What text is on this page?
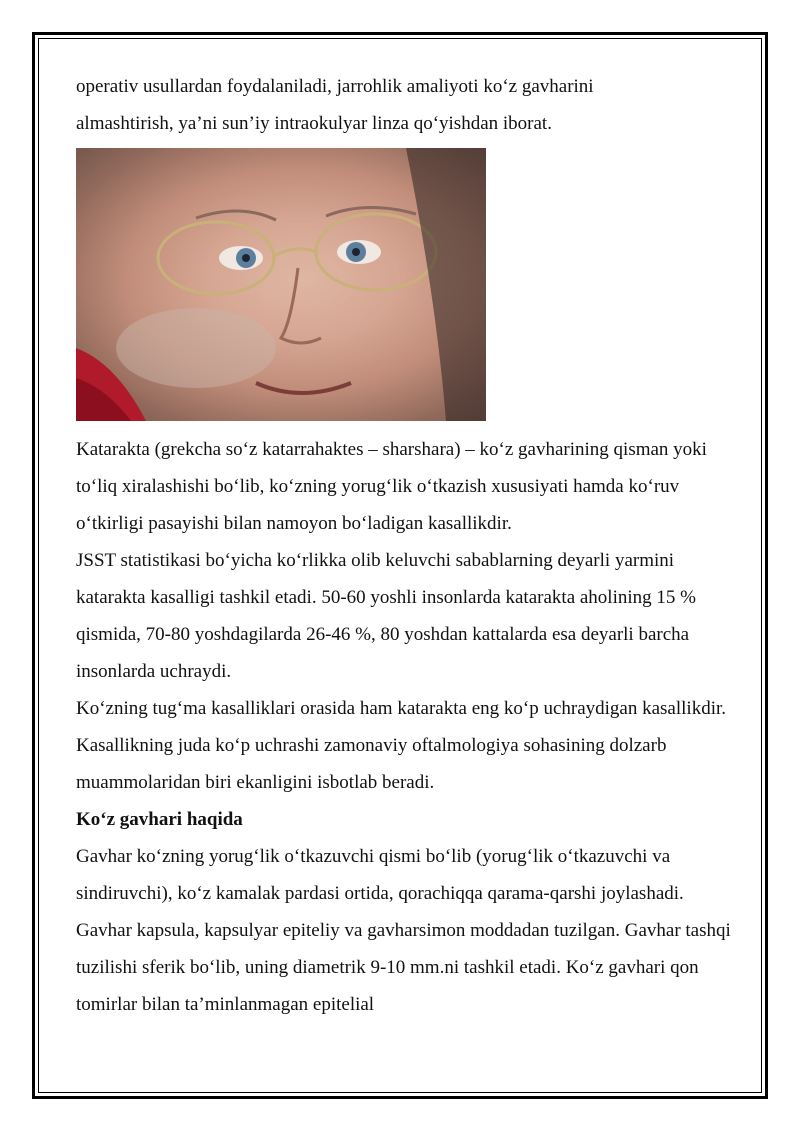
operativ usullardan foydalaniladi, jarrohlik amaliyoti koʻz gavharini

almashtirish, yaʼni sunʼiy intraokulyar linza qoʻyishdan iborat.

Katarakta (grekcha soʻz katarrahaktes – sharshara) – koʻz gavharining qisman yoki toʻliq xiralashishi boʻlib, koʻzning yorugʻlik oʻtkazish xususiyati hamda koʻruv oʻtkirligi pasayishi bilan namoyon boʻladigan kasallikdir.

JSST statistikasi boʻyicha koʻrlikka olib keluvchi sabablarning deyarli yarmini katarakta kasalligi tashkil etadi. 50-60 yoshli insonlarda katarakta aholining 15 % qismida, 70-80 yoshdagilarda 26-46 %, 80 yoshdan kattalarda esa deyarli barcha insonlarda uchraydi.

Koʻzning tugʻma kasalliklari orasida ham katarakta eng koʻp uchraydigan kasallikdir. Kasallikning juda koʻp uchrashi zamonaviy oftalmologiya sohasining dolzarb muammolaridan biri ekanligini isbotlab beradi.

Koʻz gavhari haqida

Gavhar koʻzning yorugʻlik oʻtkazuvchi qismi boʻlib (yorugʻlik oʻtkazuvchi va sindiruvchi), koʻz kamalak pardasi ortida, qorachiqqa qarama-qarshi joylashadi. Gavhar kapsula, kapsulyar epiteliy va gavharsimon moddadan tuzilgan. Gavhar tashqi tuzilishi sferik boʻlib, uning diametrik 9-10 mm.ni tashkil etadi. Koʻz gavhari qon tomirlar bilan taʼminlanmagan epitelial
